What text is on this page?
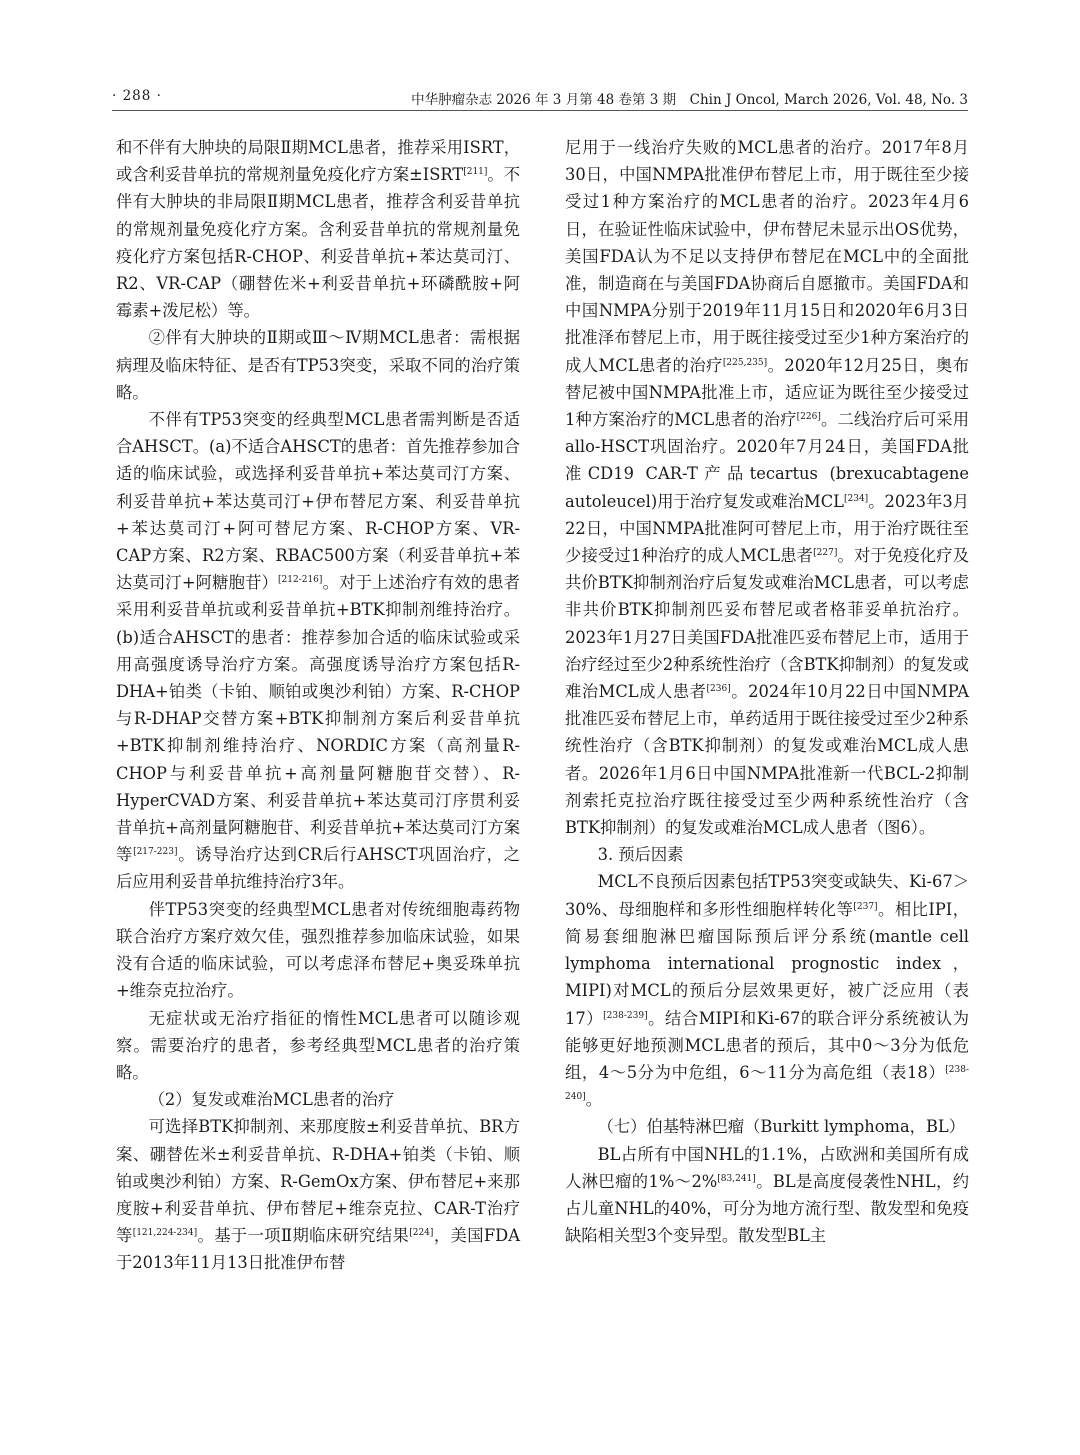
· 288 ·	中华肿瘤杂志 2026 年 3 月第 48 卷第 3 期　Chin J Oncol, March 2026, Vol. 48, No. 3

和不伴有大肿块的局限Ⅱ期MCL患者，推荐采用ISRT，或含利妥昔单抗的常规剂量免疫化疗方案±ISRT[211]。不伴有大肿块的非局限Ⅱ期MCL患者，推荐含利妥昔单抗的常规剂量免疫化疗方案。含利妥昔单抗的常规剂量免疫化疗方案包括R-CHOP、利妥昔单抗+苯达莫司汀、R2、VR-CAP（硼替佐米+利妥昔单抗+环磷酰胺+阿霉素+泼尼松）等。

②伴有大肿块的Ⅱ期或Ⅲ～Ⅳ期MCL患者：需根据病理及临床特征、是否有TP53突变，采取不同的治疗策略。

不伴有TP53突变的经典型MCL患者需判断是否适合AHSCT。(a)不适合AHSCT的患者：首先推荐参加合适的临床试验，或选择利妥昔单抗+苯达莫司汀方案、利妥昔单抗+苯达莫司汀+伊布替尼方案、利妥昔单抗+苯达莫司汀+阿可替尼方案、R-CHOP方案、VR-CAP方案、R2方案、RBAC500方案（利妥昔单抗+苯达莫司汀+阿糖胞苷）[212-216]。对于上述治疗有效的患者采用利妥昔单抗或利妥昔单抗+BTK抑制剂维持治疗。(b)适合AHSCT的患者：推荐参加合适的临床试验或采用高强度诱导治疗方案。高强度诱导治疗方案包括R-DHA+铂类（卡铂、顺铂或奥沙利铂）方案、R-CHOP与R-DHAP交替方案+BTK抑制剂方案后利妥昔单抗+BTK抑制剂维持治疗、NORDIC方案（高剂量R-CHOP与利妥昔单抗+高剂量阿糖胞苷交替）、R-HyperCVAD方案、利妥昔单抗+苯达莫司汀序贯利妥昔单抗+高剂量阿糖胞苷、利妥昔单抗+苯达莫司汀方案等[217-223]。诱导治疗达到CR后行AHSCT巩固治疗，之后应用利妥昔单抗维持治疗3年。

伴TP53突变的经典型MCL患者对传统细胞毒药物联合治疗方案疗效欠佳，强烈推荐参加临床试验，如果没有合适的临床试验，可以考虑泽布替尼+奥妥珠单抗+维奈克拉治疗。

无症状或无治疗指征的惰性MCL患者可以随诊观察。需要治疗的患者，参考经典型MCL患者的治疗策略。

（2）复发或难治MCL患者的治疗

可选择BTK抑制剂、来那度胺±利妥昔单抗、BR方案、硼替佐米±利妥昔单抗、R-DHA+铂类（卡铂、顺铂或奥沙利铂）方案、R-GemOx方案、伊布替尼+来那度胺+利妥昔单抗、伊布替尼+维奈克拉、CAR-T治疗等[121,224-234]。基于一项Ⅱ期临床研究结果[224]，美国FDA于2013年11月13日批准伊布替

尼用于一线治疗失败的MCL患者的治疗。2017年8月30日，中国NMPA批准伊布替尼上市，用于既往至少接受过1种方案治疗的MCL患者的治疗。2023年4月6日，在验证性临床试验中，伊布替尼未显示出OS优势，美国FDA认为不足以支持伊布替尼在MCL中的全面批准，制造商在与美国FDA协商后自愿撤市。美国FDA和中国NMPA分别于2019年11月15日和2020年6月3日批准泽布替尼上市，用于既往接受过至少1种方案治疗的成人MCL患者的治疗[225,235]。2020年12月25日，奥布替尼被中国NMPA批准上市，适应证为既往至少接受过1种方案治疗的MCL患者的治疗[226]。二线治疗后可采用allo-HSCT巩固治疗。2020年7月24日，美国FDA批准CD19 CAR-T产品tecartus (brexucabtagene autoleucel)用于治疗复发或难治MCL[234]。2023年3月22日，中国NMPA批准阿可替尼上市，用于治疗既往至少接受过1种治疗的成人MCL患者[227]。对于免疫化疗及共价BTK抑制剂治疗后复发或难治MCL患者，可以考虑非共价BTK抑制剂匹妥布替尼或者格菲妥单抗治疗。2023年1月27日美国FDA批准匹妥布替尼上市，适用于治疗经过至少2种系统性治疗（含BTK抑制剂）的复发或难治MCL成人患者[236]。2024年10月22日中国NMPA批准匹妥布替尼上市，单药适用于既往接受过至少2种系统性治疗（含BTK抑制剂）的复发或难治MCL成人患者。2026年1月6日中国NMPA批准新一代BCL-2抑制剂索托克拉治疗既往接受过至少两种系统性治疗（含BTK抑制剂）的复发或难治MCL成人患者（图6）。

3. 预后因素

MCL不良预后因素包括TP53突变或缺失、Ki-67＞30%、母细胞样和多形性细胞样转化等[237]。相比IPI，简易套细胞淋巴瘤国际预后评分系统(mantle cell lymphoma international prognostic index，MIPI)对MCL的预后分层效果更好，被广泛应用（表17）[238-239]。结合MIPI和Ki-67的联合评分系统被认为能够更好地预测MCL患者的预后，其中0～3分为低危组，4～5分为中危组，6～11分为高危组（表18）[238-240]。

（七）伯基特淋巴瘤（Burkitt lymphoma，BL）

BL占所有中国NHL的1.1%，占欧洲和美国所有成人淋巴瘤的1%～2%[83,241]。BL是高度侵袭性NHL，约占儿童NHL的40%，可分为地方流行型、散发型和免疫缺陷相关型3个变异型。散发型BL主
